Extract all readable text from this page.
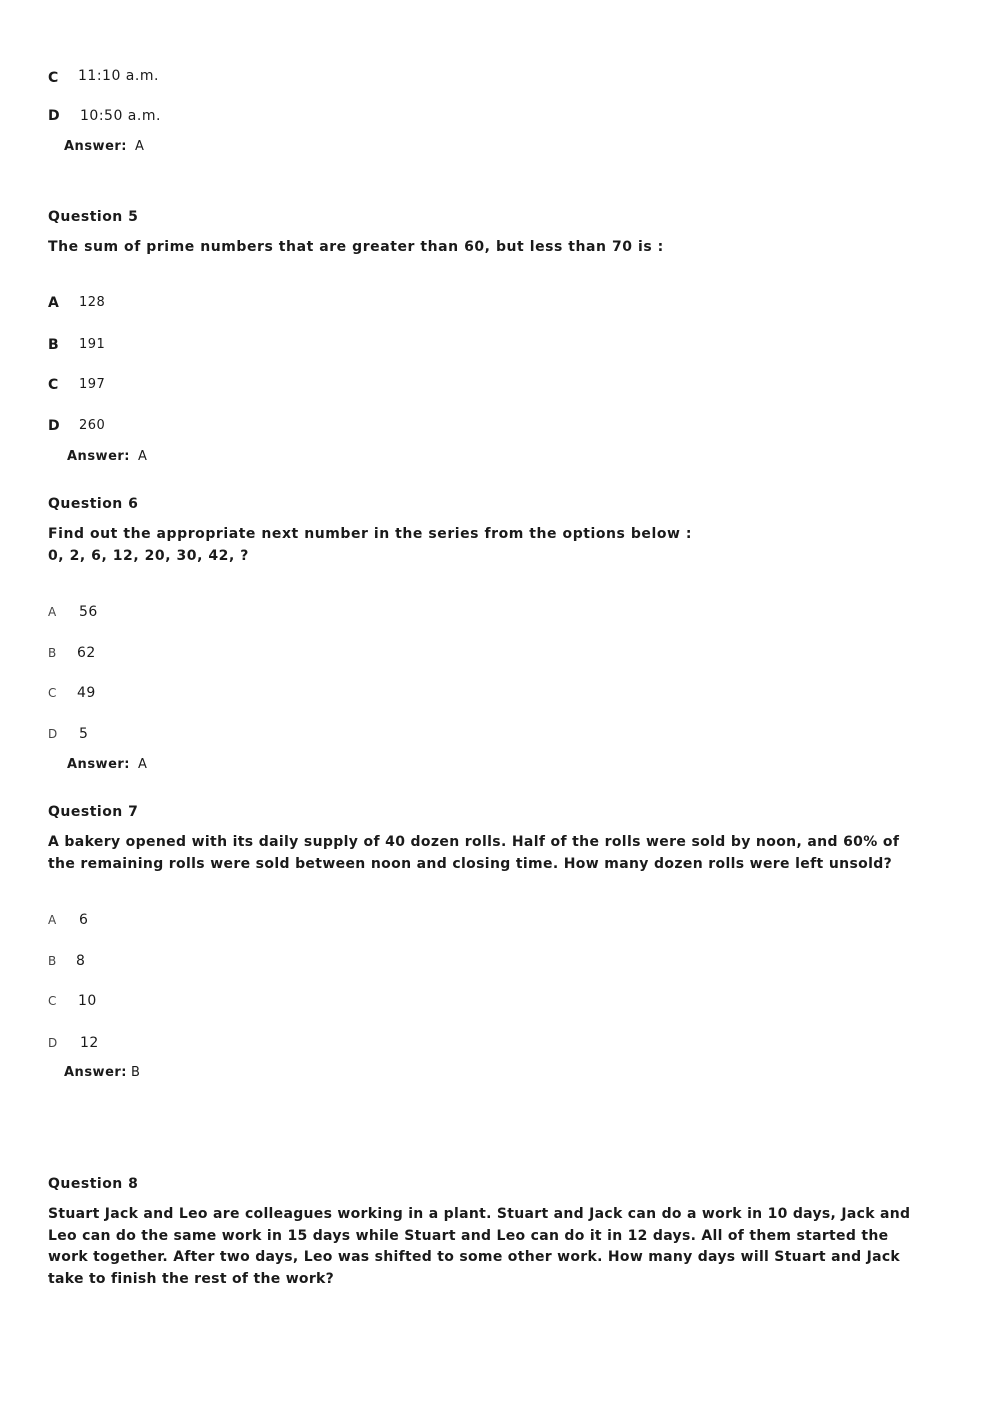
C 11:10 a.m.
D 10:50 a.m.
Answer: A
Question 5
The sum of prime numbers that are greater than 60, but less than 70 is :
A 128
B 191
C 197
D 260
Answer: A
Question 6
Find out the appropriate next number in the series from the options below :
0, 2, 6, 12, 20, 30, 42, ?
A 56
B 62
C 49
D 5
Answer: A
Question 7
A bakery opened with its daily supply of 40 dozen rolls. Half of the rolls were sold by noon, and 60% of
the remaining rolls were sold between noon and closing time. How many dozen rolls were left unsold?
A 6
B 8
C 10
D 12
Answer: B
Question 8
Stuart Jack and Leo are colleagues working in a plant. Stuart and Jack can do a work in 10 days, Jack and
Leo can do the same work in 15 days while Stuart and Leo can do it in 12 days. All of them started the
work together. After two days, Leo was shifted to some other work. How many days will Stuart and Jack
take to finish the rest of the work?
